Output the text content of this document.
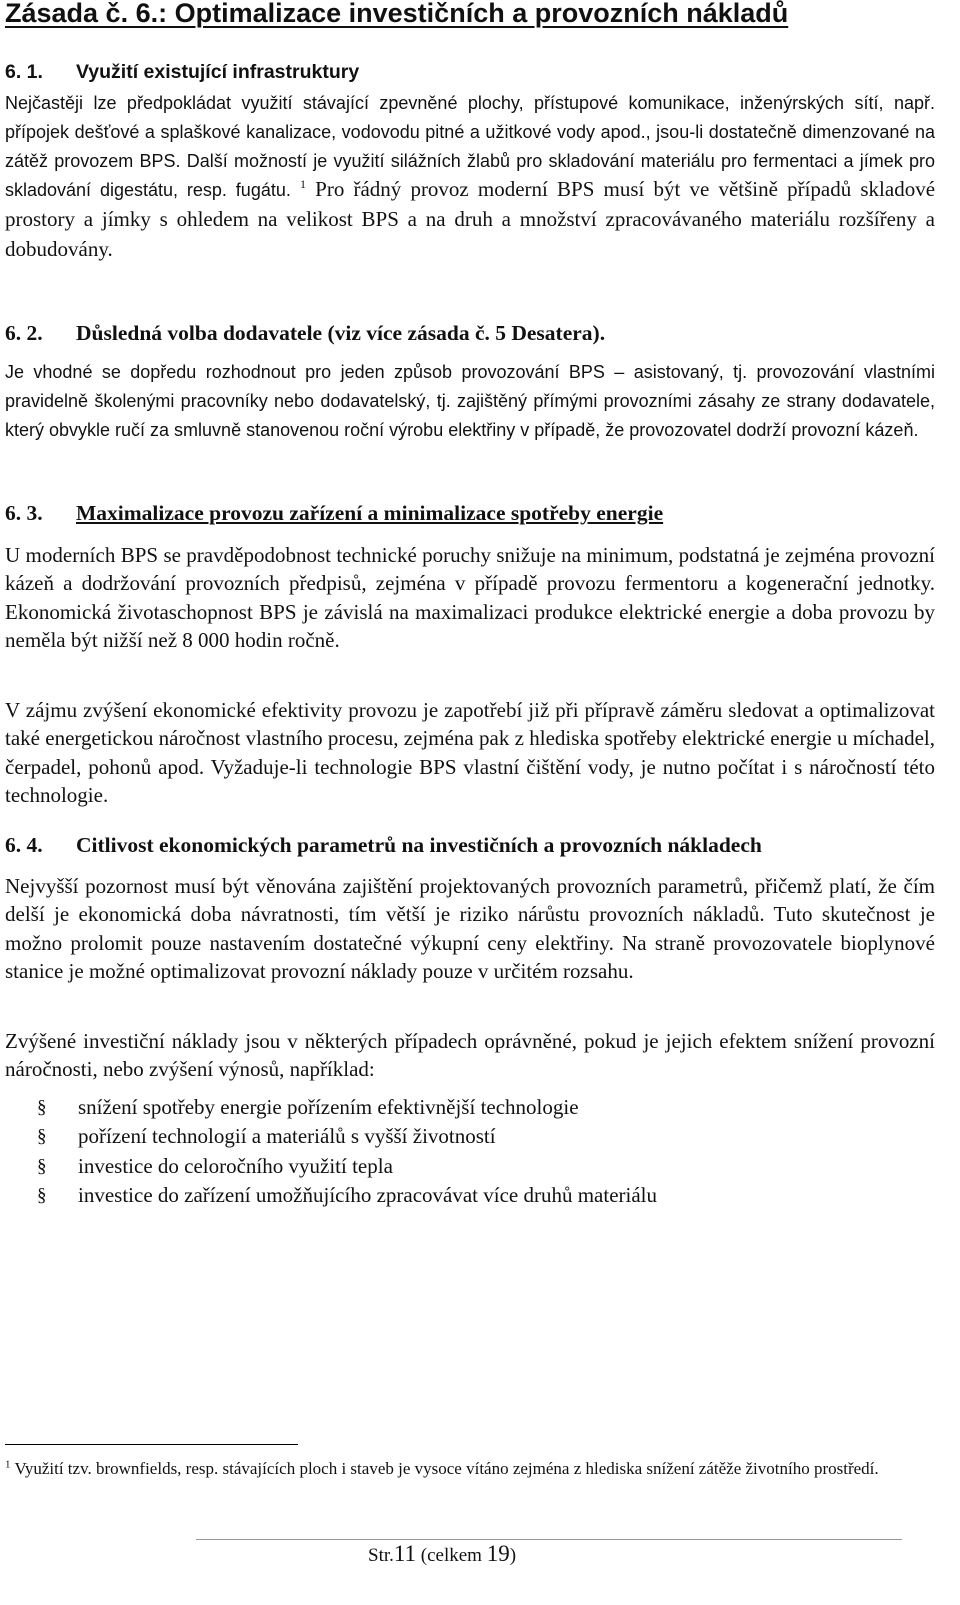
Zásada č. 6.: Optimalizace investičních a provozních nákladů
6. 1. Využití existující infrastruktury

Nejčastěji lze předpokládat využití stávající zpevněné plochy, přístupové komunikace, inženýrských sítí, např. přípojek dešťové a splaškové kanalizace, vodovodu pitné a užitkové vody apod., jsou-li dostatečně dimenzované na zátěž provozem BPS. Další možností je využití silážních žlabů pro skladování materiálu pro fermentaci a jímek pro skladování digestátu, resp. fugátu. $^1$ Pro řádný provoz moderní BPS musí být ve většině případů skladové prostory a jímky s ohledem na velikost BPS a na druh a množství zpracovávaného materiálu rozšířeny a dobudovány.

6. 2. Důsledná volba dodavatele (viz více zásada č. 5 Desatera).

Je vhodné se dopředu rozhodnout pro jeden způsob provozování BPS – asistovaný, tj. provozování vlastními pravidelně školenými pracovníky nebo dodavatelský, tj. zajištěný přímými provozními zásahy ze strany dodavatele, který obvykle ručí za smluvně stanovenou roční výrobu elektřiny v případě, že provozovatel dodrží provozní kázeň.

6. 3. Maximalizace provozu zařízení a minimalizace spotřeby energie

U moderních BPS se pravděpodobnost technické poruchy snižuje na minimum, podstatná je zejména provozní kázeň a dodržování provozních předpisů, zejména v případě provozu fermentoru a kogenerační jednotky. Ekonomická životaschopnost BPS je závislá na maximalizaci produkce elektrické energie a doba provozu by neměla být nižší než 8 000 hodin ročně.

V zájmu zvýšení ekonomické efektivity provozu je zapotřebí již při přípravě záměru sledovat a optimalizovat také energetickou náročnost vlastního procesu, zejména pak z hlediska spotřeby elektrické energie u míchadel, čerpadel, pohonů apod. Vyžaduje-li technologie BPS vlastní čištění vody, je nutno počítat i s náročností této technologie.

6. 4. Citlivost ekonomických parametrů na investičních a provozních nákladech

Nejvyšší pozornost musí být věnována zajištění projektovaných provozních parametrů, přičemž platí, že čím delší je ekonomická doba návratnosti, tím větší je riziko nárůstu provozních nákladů. Tuto skutečnost je možno prolomit pouze nastavením dostatečné výkupní ceny elektřiny. Na straně provozovatele bioplynové stanice je možné optimalizovat provozní náklady pouze v určitém rozsahu.

Zvýšené investiční náklady jsou v některých případech oprávněné, pokud je jejich efektem snížení provozní náročnosti, nebo zvýšení výnosů, například:

§	snížení spotřeby energie pořízením efektivnější technologie
§	pořízení technologií a materiálů s vyšší životností
§	investice do celoročního využití tepla
§	investice do zařízení umožňujícího zpracovávat více druhů materiálu

$^1$ Využití tzv. brownfields, resp. stávajících ploch i staveb je vysoce vítáno zejména z hlediska snížení zátěže životního prostředí.

Str.11 (celkem 19)
